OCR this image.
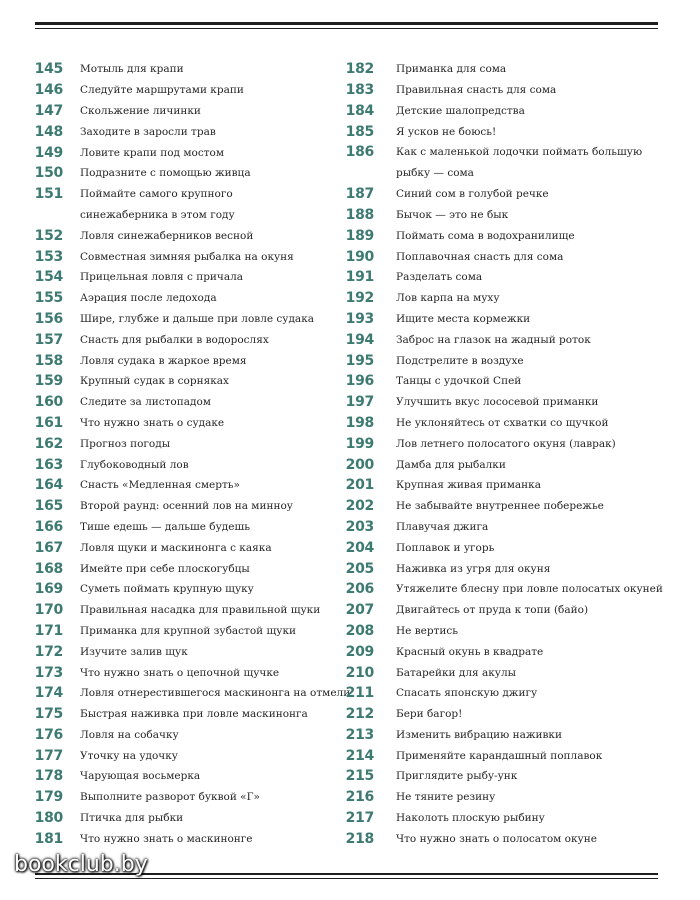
145 Мотыль для крапи
146 Следуйте маршрутами крапи
147 Скольжение личинки
148 Заходите в заросли трав
149 Ловите крапи под мостом
150 Подразните с помощью живца
151 Поймайте самого крупного синежаберника в этом году
152 Ловля синежаберников весной
153 Совместная зимняя рыбалка на окуня
154 Прицельная ловля с причала
155 Аэрация после ледохода
156 Шире, глубже и дальше при ловле судака
157 Снасть для рыбалки в водорослях
158 Ловля судака в жаркое время
159 Крупный судак в сорняках
160 Следите за листопадом
161 Что нужно знать о судаке
162 Прогноз погоды
163 Глубоководный лов
164 Снасть «Медленная смерть»
165 Второй раунд: осенний лов на минноу
166 Тише едешь — дальше будешь
167 Ловля щуки и маскинонга с каяка
168 Имейте при себе плоскогубцы
169 Суметь поймать крупную щуку
170 Правильная насадка для правильной щуки
171 Приманка для крупной зубастой щуки
172 Изучите залив щук
173 Что нужно знать о цепочной щучке
174 Ловля отнерестившегося маскинонга на отмели
175 Быстрая наживка при ловле маскинонга
176 Ловля на собачку
177 Уточку на удочку
178 Чарующая восьмерка
179 Выполните разворот буквой «Г»
180 Птичка для рыбки
181 Что нужно знать о маскинонге
182 Приманка для сома
183 Правильная снасть для сома
184 Детские шалопредства
185 Я усков не боюсь!
186 Как с маленькой лодочки поймать большую рыбку — сома
187 Синий сом в голубой речке
188 Бычок — это не бык
189 Поймать сома в водохранилище
190 Поплавочная снасть для сома
191 Разделать сома
192 Лов карпа на муху
193 Ищите места кормежки
194 Заброс на глазок на жадный роток
195 Подстрелите в воздухе
196 Танцы с удочкой Спей
197 Улучшить вкус лососевой приманки
198 Не уклоняйтесь от схватки со щучкой
199 Лов летнего полосатого окуня (лаврак)
200 Дамба для рыбалки
201 Крупная живая приманка
202 Не забывайте внутреннее побережье
203 Плавучая джига
204 Поплавок и угорь
205 Наживка из угря для окуня
206 Утяжелите блесну при ловле полосатых окуней
207 Двигайтесь от пруда к топи (байо)
208 Не вертись
209 Красный окунь в квадрате
210 Батарейки для акулы
211 Спасать японскую джигу
212 Бери багор!
213 Изменить вибрацию наживки
214 Применяйте карандашный поплавок
215 Приглядите рыбу-унк
216 Не тяните резину
217 Наколоть плоскую рыбину
218 Что нужно знать о полосатом окуне
bookclub.by
